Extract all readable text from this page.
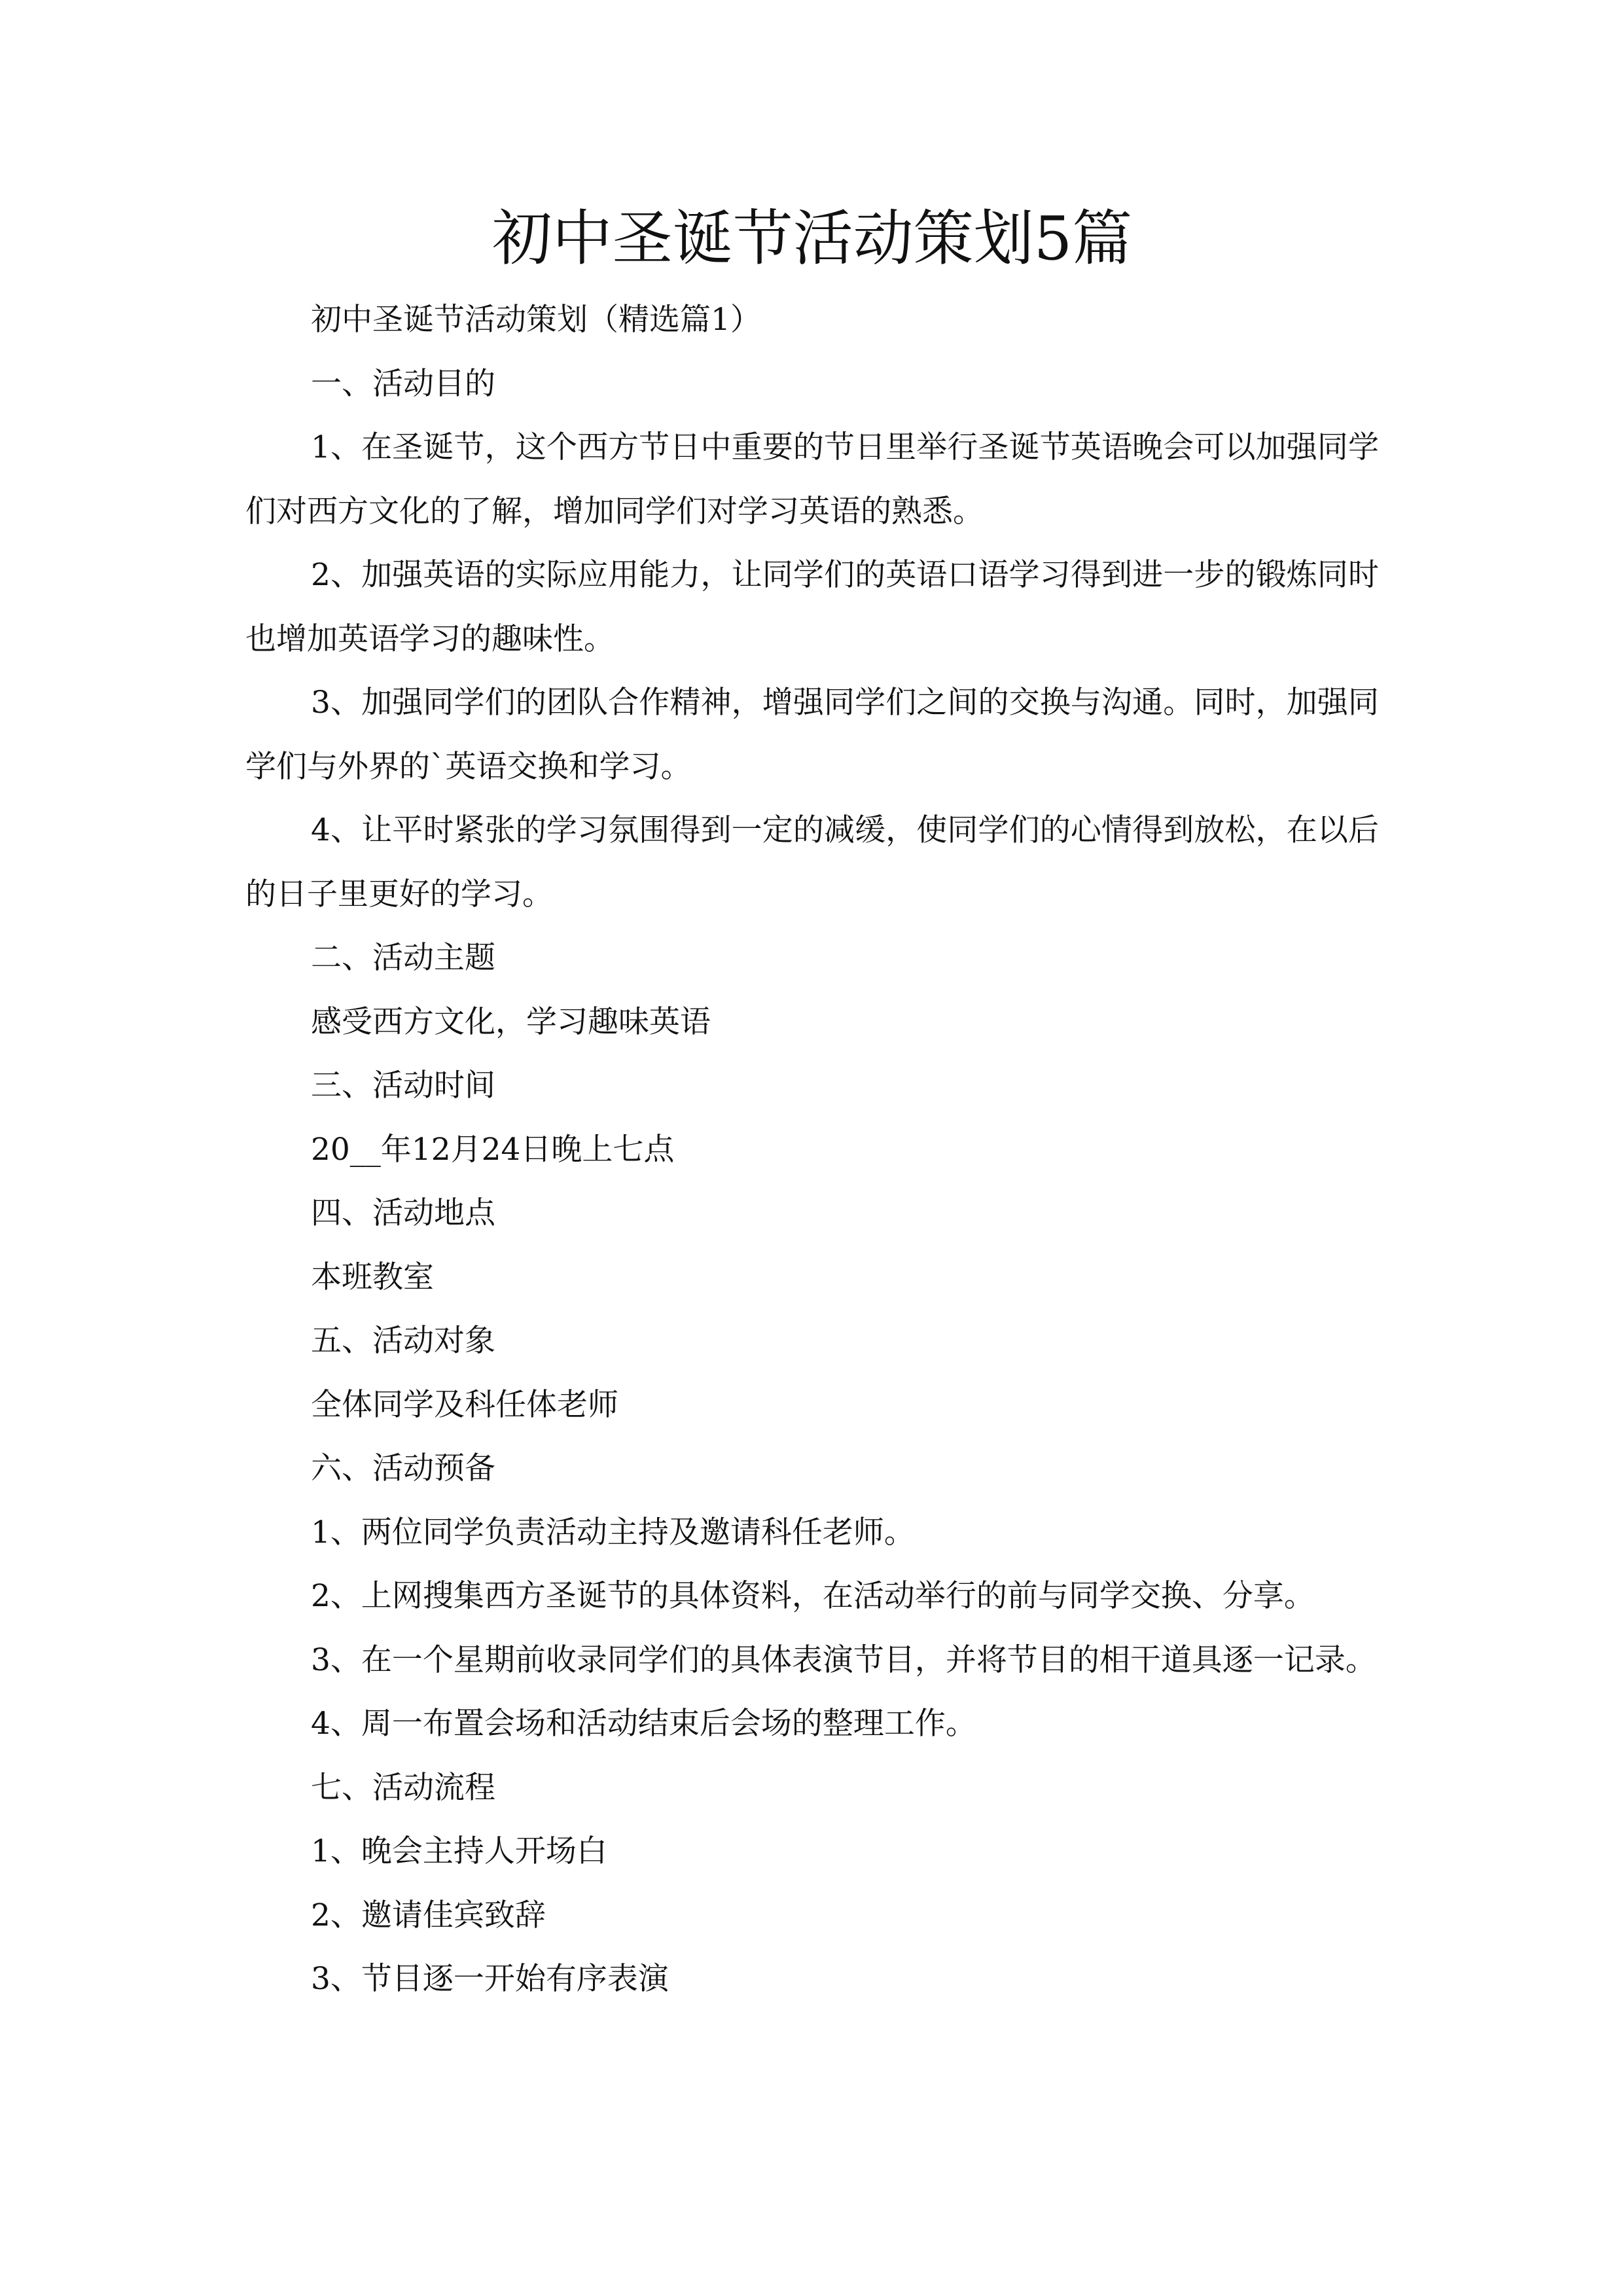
初中圣诞节活动策划5篇

初中圣诞节活动策划（精选篇1）

一、活动目的

1、在圣诞节，这个西方节日中重要的节日里举行圣诞节英语晚会可以加强同学们对西方文化的了解，增加同学们对学习英语的熟悉。

2、加强英语的实际应用能力，让同学们的英语口语学习得到进一步的锻炼同时也增加英语学习的趣味性。

3、加强同学们的团队合作精神，增强同学们之间的交换与沟通。同时，加强同学们与外界的`英语交换和学习。

4、让平时紧张的学习氛围得到一定的减缓，使同学们的心情得到放松，在以后的日子里更好的学习。

二、活动主题

感受西方文化，学习趣味英语

三、活动时间

20__年12月24日晚上七点

四、活动地点

本班教室

五、活动对象

全体同学及科任体老师

六、活动预备

1、两位同学负责活动主持及邀请科任老师。

2、上网搜集西方圣诞节的具体资料，在活动举行的前与同学交换、分享。

3、在一个星期前收录同学们的具体表演节目，并将节目的相干道具逐一记录。

4、周一布置会场和活动结束后会场的整理工作。

七、活动流程

1、晚会主持人开场白

2、邀请佳宾致辞

3、节目逐一开始有序表演
